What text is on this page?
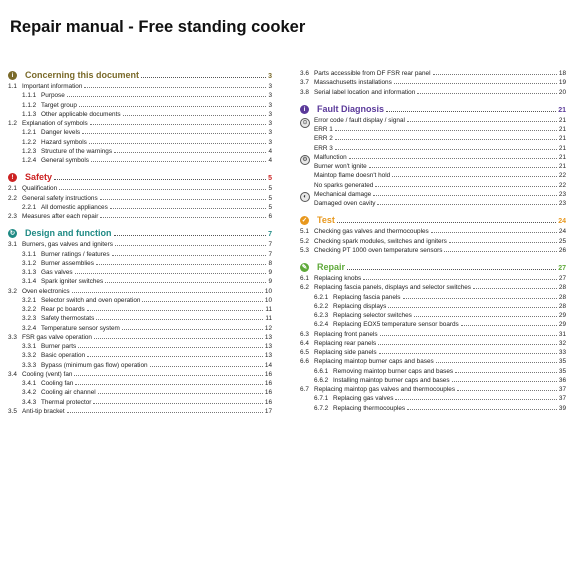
Repair manual - Free standing cooker
i	Concerning this document	3
1.1 Important information	3
1.1.1 Purpose	3
1.1.2 Target group	3
1.1.3 Other applicable documents	3
1.2 Explanation of symbols	3
1.2.1 Danger levels	3
1.2.2 Hazard symbols	3
1.2.3 Structure of the warnings	4
1.2.4 General symbols	4
!	Safety	5
2.1 Qualification	5
2.2 General safety instructions	5
2.2.1 All domestic appliances	5
2.3 Measures after each repair	6
↻ Design and function	7
3.1 Burners, gas valves and igniters	7
3.1.1 Burner ratings / features	7
3.1.2 Burner assemblies	8
3.1.3 Gas valves	9
3.1.4 Spark igniter switches	9
3.2 Oven electronics	10
3.2.1 Selector switch and oven operation	10
3.2.2 Rear pc boards	11
3.2.3 Safety thermostats	11
3.2.4 Temperature sensor system	12
3.3 FSR gas valve operation	13
3.3.1 Burner parts	13
3.3.2 Basic operation	13
3.3.3 Bypass (minimum gas flow) operation	14
3.4 Cooling (vent) fan	16
3.4.1 Cooling fan	16
3.4.2 Cooling air channel	16
3.4.3 Thermal protector	16
3.5 Anti-tip bracket	17
3.6 Parts accessible from DF FSR rear panel	18
3.7 Massachusetts installations	19
3.8 Serial label location and information	20
i	Fault Diagnosis	21
⊙	Error code / fault display / signal	21
ERR 1	21
ERR 2	21
ERR 3	21
⚙ Malfunction	21
Burner won't ignite	21
Maintop flame doesn't hold	22
No sparks generated	22
◐	Mechanical damage	23
Damaged oven cavity	23
✓ Test	24
5.1 Checking gas valves and thermocouples	24
5.2 Checking spark modules, switches and igniters	25
5.3 Checking PT 1000 oven temperature sensors	26
✎ Repair	27
6.1 Replacing knobs	27
6.2 Replacing fascia panels, displays and selector switches	28
6.2.1 Replacing fascia panels	28
6.2.2 Replacing displays	28
6.2.3 Replacing selector switches	29
6.2.4 Replacing EOX5 temperature sensor boards	29
6.3 Replacing front panels	31
6.4 Replacing rear panels	32
6.5 Replacing side panels	33
6.6 Replacing maintop burner caps and bases	35
6.6.1 Removing maintop burner caps and bases	35
6.6.2 Installing maintop burner caps and bases	36
6.7 Replacing maintop gas valves and thermocouples	37
6.7.1 Replacing gas valves	37
6.7.2 Replacing thermocouples	39
